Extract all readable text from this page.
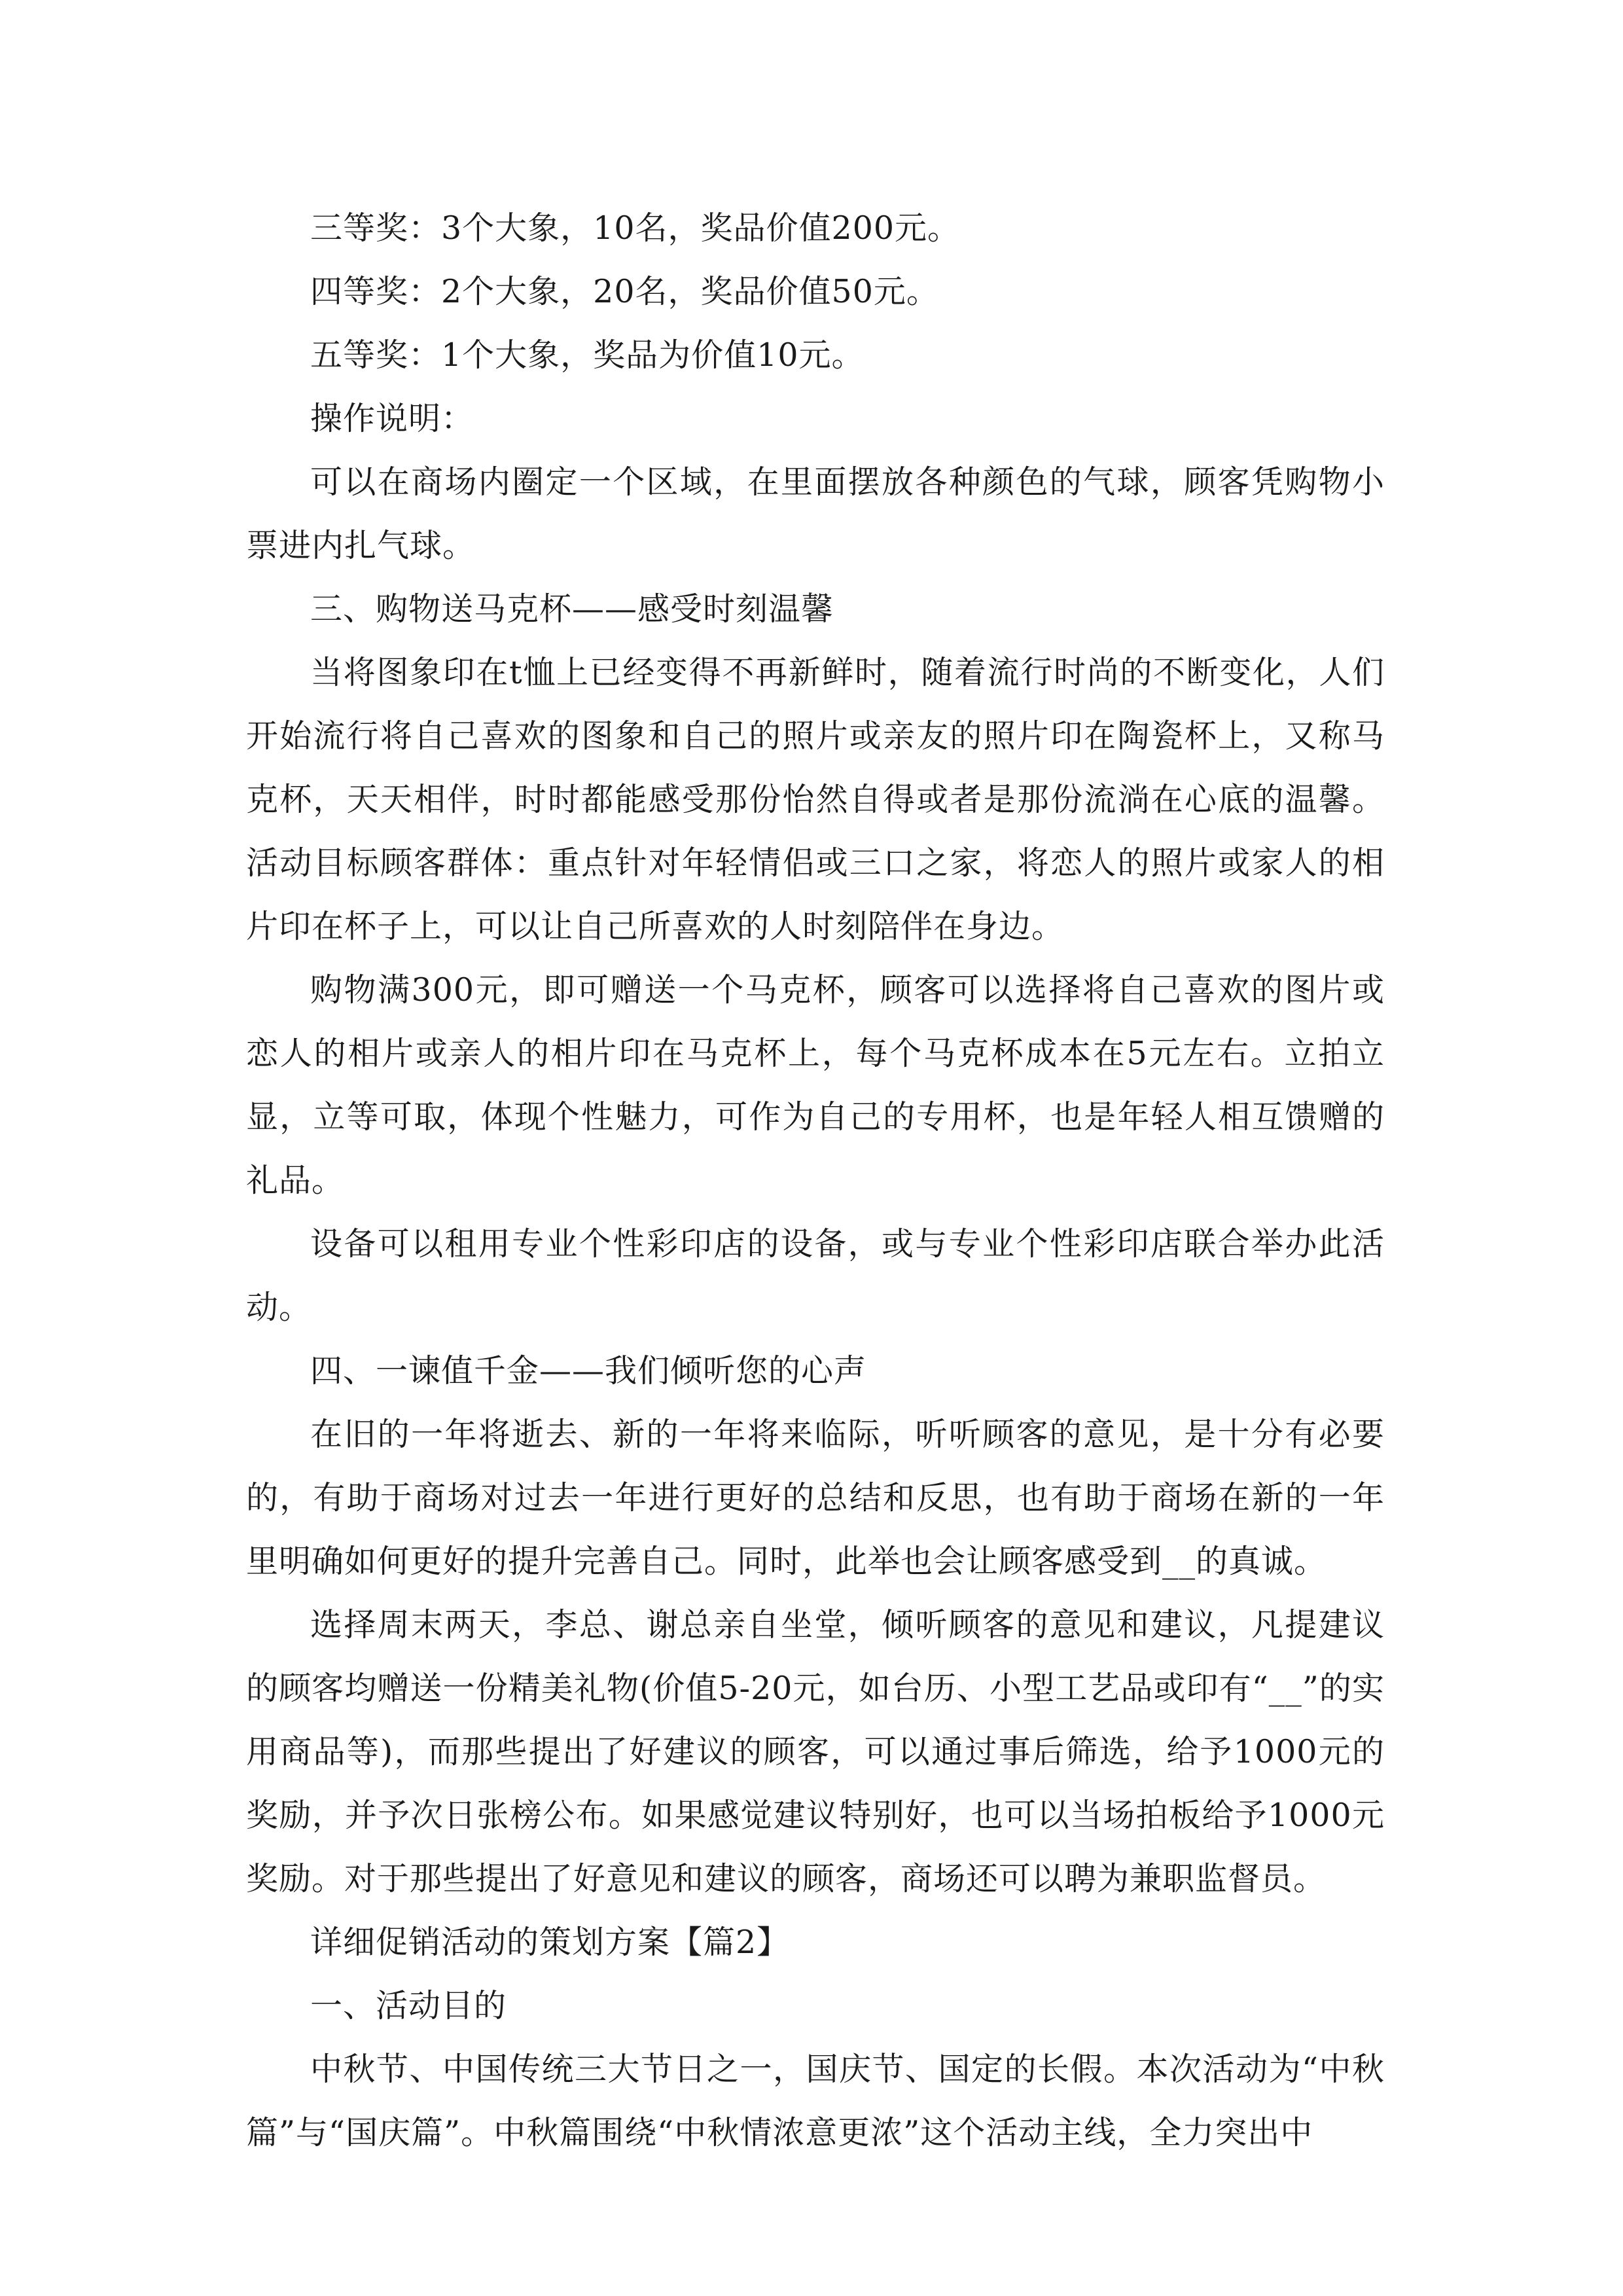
三等奖：3个大象，10名，奖品价值200元。

四等奖：2个大象，20名，奖品价值50元。

五等奖：1个大象，奖品为价值10元。

操作说明：

可以在商场内圈定一个区域，在里面摆放各种颜色的气球，顾客凭购物小票进内扎气球。

三、购物送马克杯——感受时刻温馨

当将图象印在t恤上已经变得不再新鲜时，随着流行时尚的不断变化，人们开始流行将自己喜欢的图象和自己的照片或亲友的照片印在陶瓷杯上，又称马克杯，天天相伴，时时都能感受那份怡然自得或者是那份流淌在心底的温馨。活动目标顾客群体：重点针对年轻情侣或三口之家，将恋人的照片或家人的相片印在杯子上，可以让自己所喜欢的人时刻陪伴在身边。

购物满300元，即可赠送一个马克杯，顾客可以选择将自己喜欢的图片或恋人的相片或亲人的相片印在马克杯上，每个马克杯成本在5元左右。立拍立显，立等可取，体现个性魅力，可作为自己的专用杯，也是年轻人相互馈赠的礼品。

设备可以租用专业个性彩印店的设备，或与专业个性彩印店联合举办此活动。

四、一谏值千金——我们倾听您的心声

在旧的一年将逝去、新的一年将来临际，听听顾客的意见，是十分有必要的，有助于商场对过去一年进行更好的总结和反思，也有助于商场在新的一年里明确如何更好的提升完善自己。同时，此举也会让顾客感受到__的真诚。

选择周末两天，李总、谢总亲自坐堂，倾听顾客的意见和建议，凡提建议的顾客均赠送一份精美礼物(价值5-20元，如台历、小型工艺品或印有“__”的实用商品等)，而那些提出了好建议的顾客，可以通过事后筛选，给予1000元的奖励，并予次日张榜公布。如果感觉建议特别好，也可以当场拍板给予1000元奖励。对于那些提出了好意见和建议的顾客，商场还可以聘为兼职监督员。

详细促销活动的策划方案【篇2】

一、活动目的

中秋节、中国传统三大节日之一，国庆节、国定的长假。本次活动为“中秋篇”与“国庆篇”。中秋篇围绕“中秋情浓意更浓”这个活动主线，全力突出中
